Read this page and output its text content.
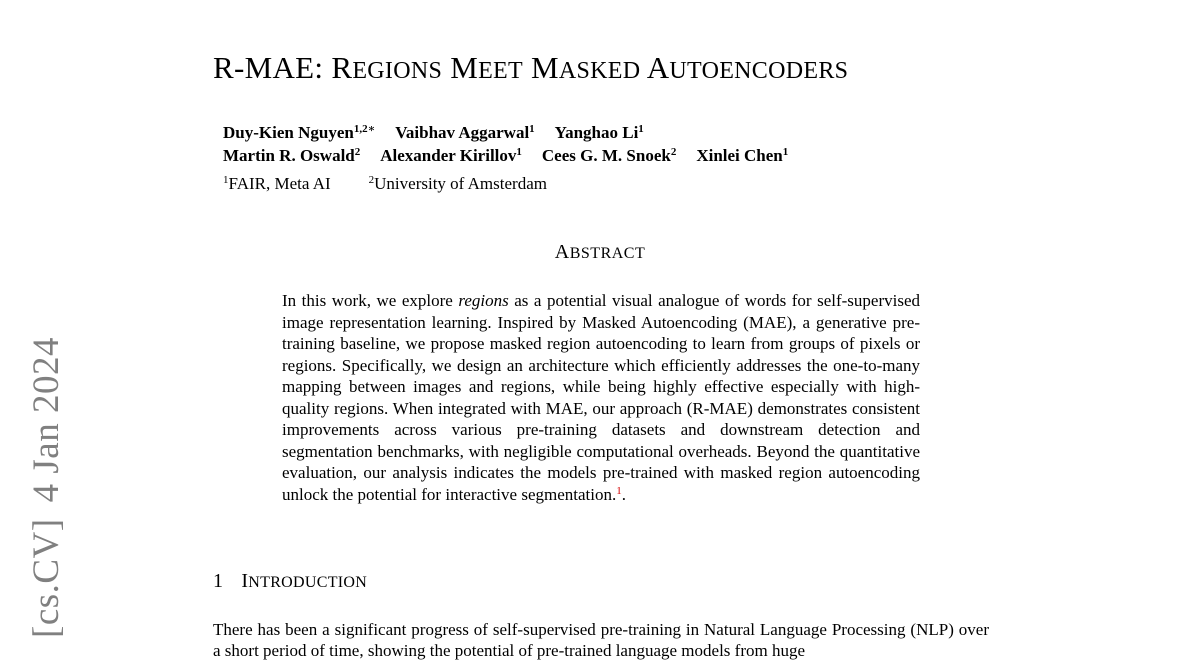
[cs.CV]4 Jan 2024
R-MAE: REGIONS MEET MASKED AUTOENCODERS
Duy-Kien Nguyen$^{1,2∗}$ Vaibhav Aggarwal$^1$ Yanghao Li$^1$
Martin R. Oswald$^2$ Alexander Kirillov$^1$ Cees G. M. Snoek$^2$ Xinlei Chen$^1$
$^1$FAIR, Meta AI	$^2$University of Amsterdam
ABSTRACT

In this work, we explore regions as a potential visual analogue of words for self-supervised image representation learning. Inspired by Masked Autoencoding (MAE), a generative pre-training baseline, we propose masked region autoencoding to learn from groups of pixels or regions. Specifically, we design an architecture which efficiently addresses the one-to-many mapping between images and regions, while being highly effective especially with high-quality regions. When integrated with MAE, our approach (R-MAE) demonstrates consistent improvements across various pre-training datasets and downstream detection and segmentation benchmarks, with negligible computational overheads. Beyond the quantitative evaluation, our analysis indicates the models pre-trained with masked region autoencoding unlock the potential for interactive segmentation.$^1$.

1 INTRODUCTION

There has been a significant progress of self-supervised pre-training in Natural Language Processing (NLP) over a short period of time, showing the potential of pre-trained language models from huge
